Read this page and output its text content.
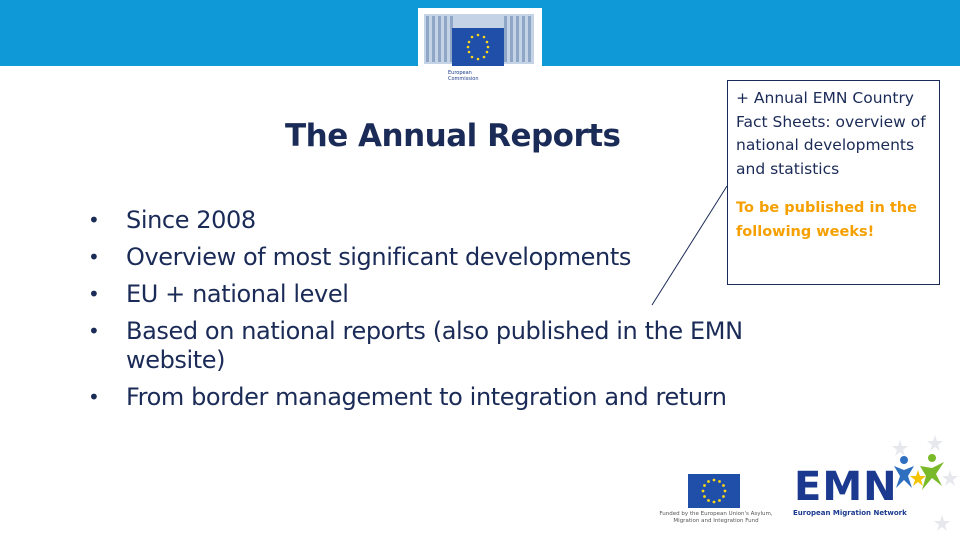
European
Commission
The Annual Reports
• Since 2008
• Overview of most significant developments
• EU + national level
• Based on national reports (also published in the EMN website)
• From border management to integration and return
+ Annual EMN Country Fact Sheets: overview of national developments and statistics
To be published in the following weeks!
Funded by the European Union's Asylum, Migration and Integration Fund
EMN
European Migration Network
